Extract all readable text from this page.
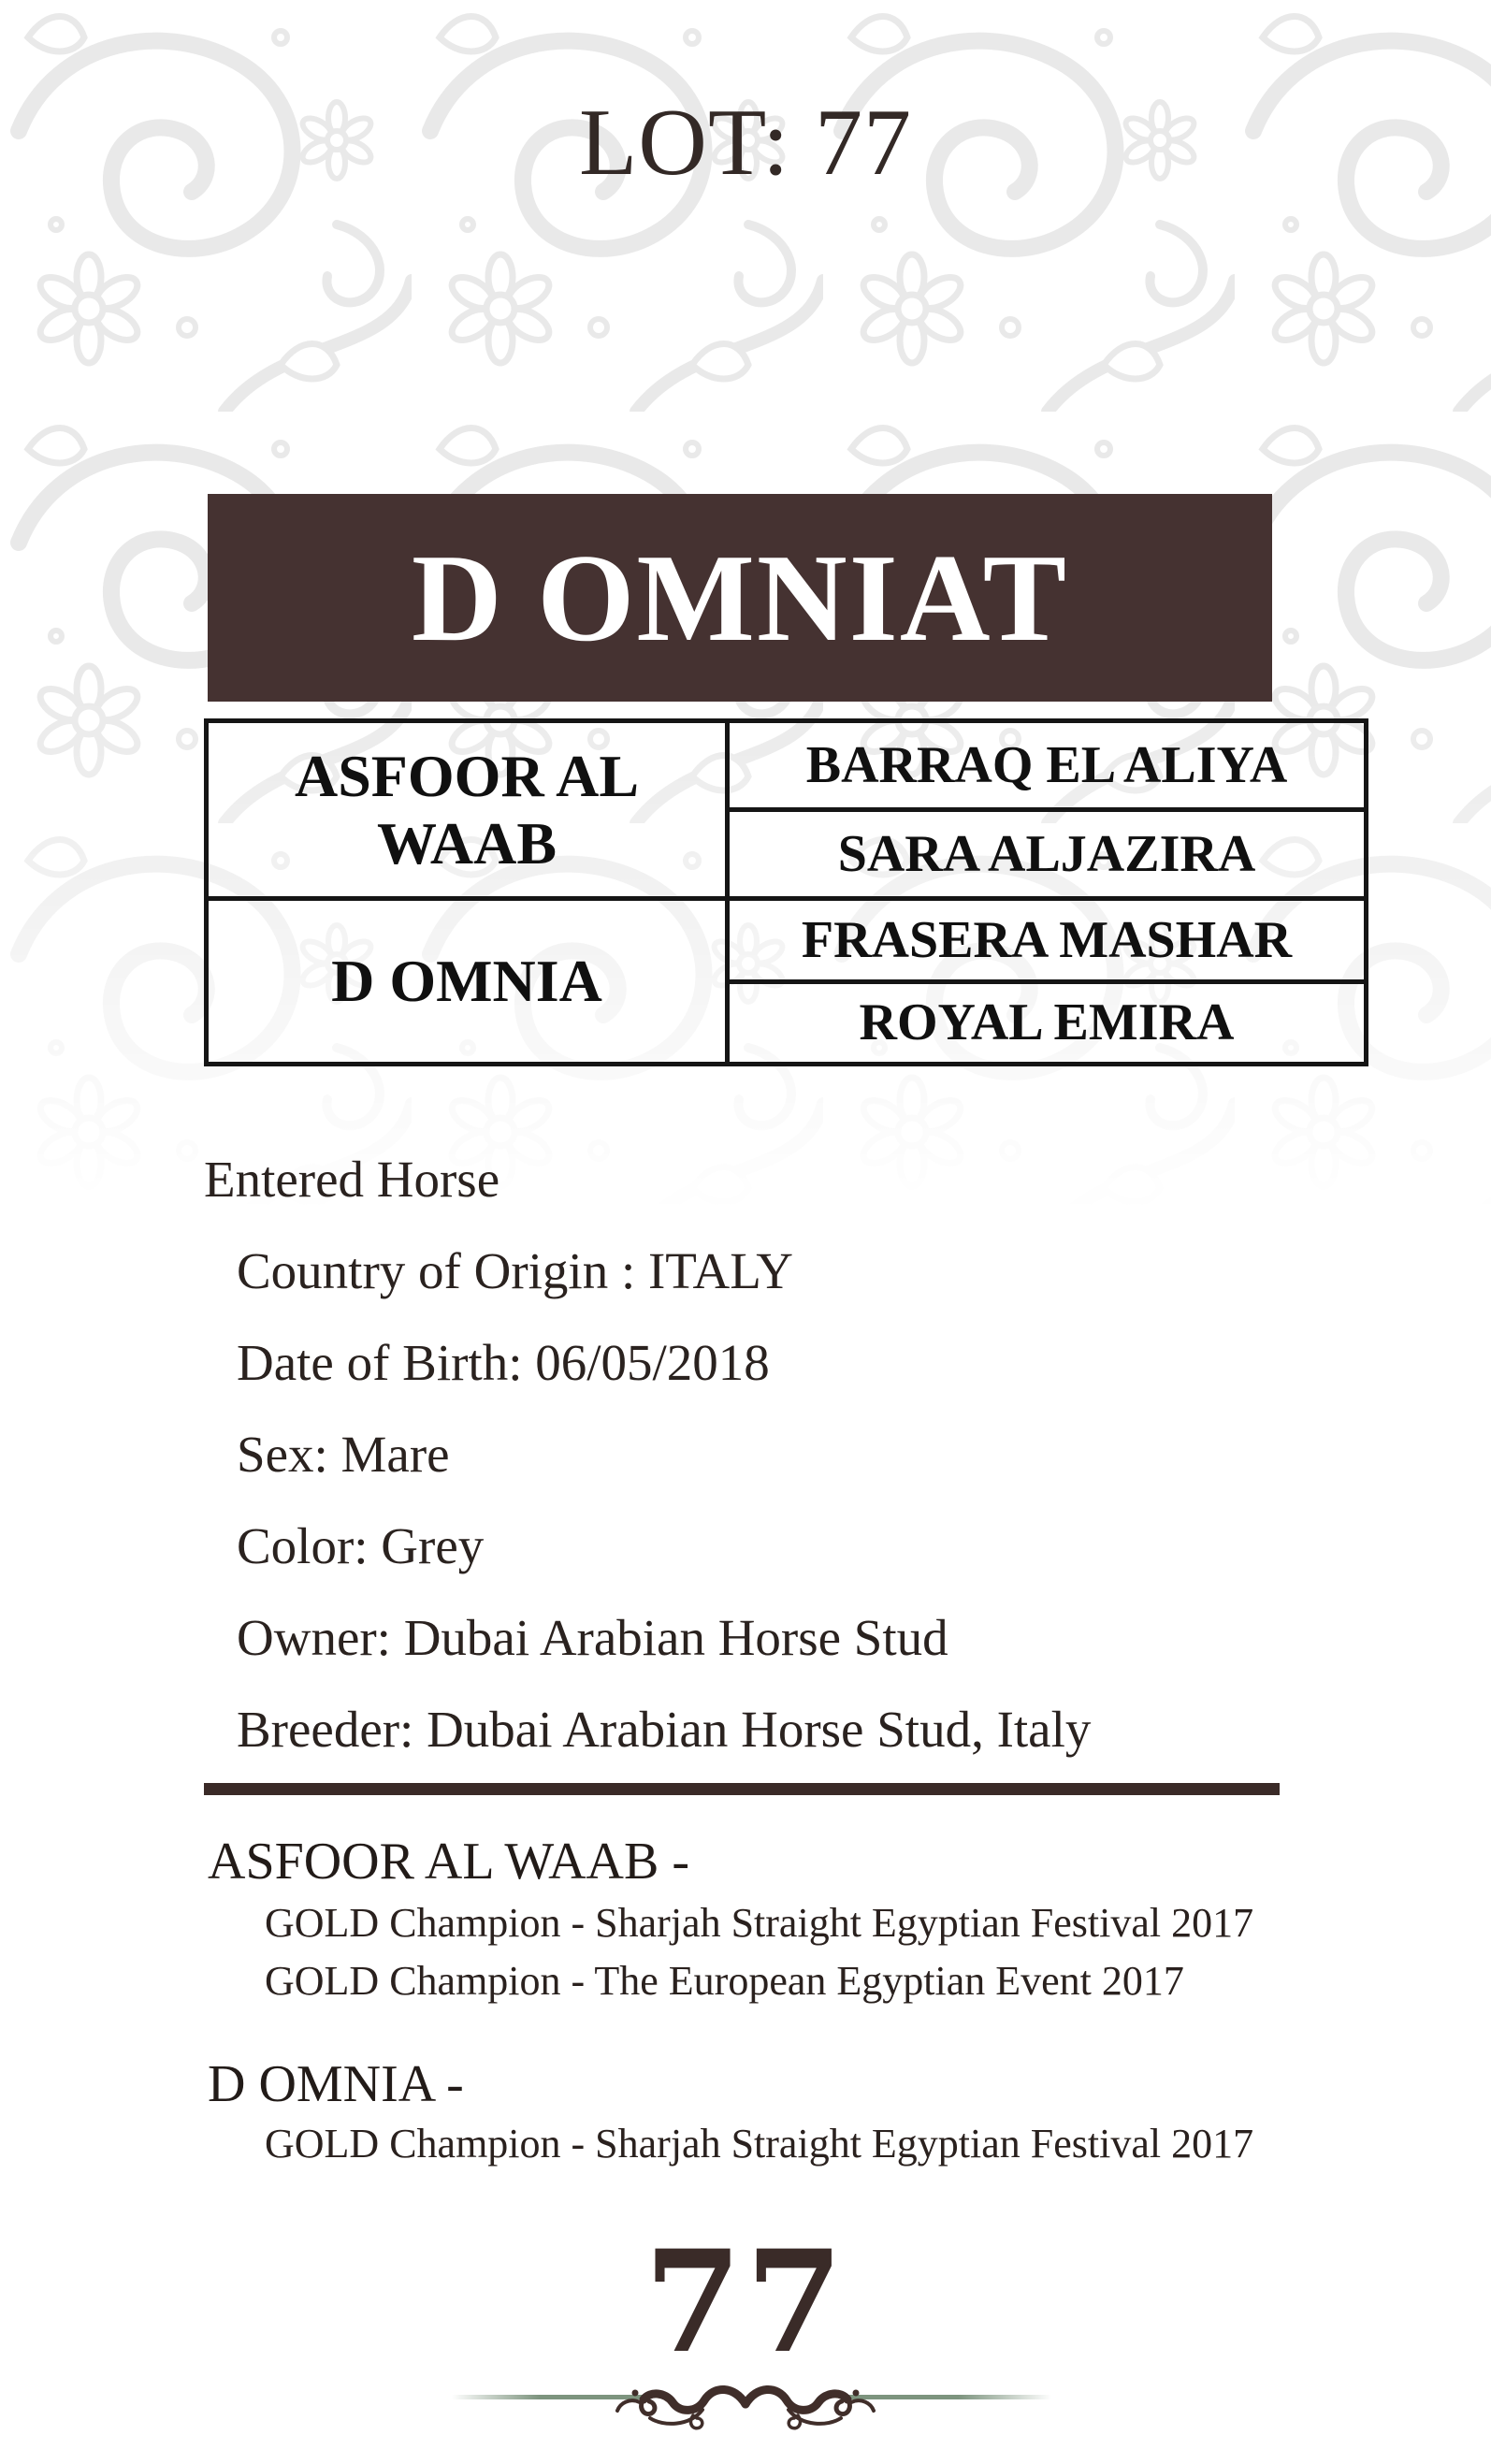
LOT: 77
D OMNIAT
ASFOOR AL WAAB	BARRAQ EL ALIYA
	SARA ALJAZIRA
D OMNIA	FRASERA MASHAR
	ROYAL EMIRA
Entered Horse
Country of Origin : ITALY
Date of Birth: 06/05/2018
Sex: Mare
Color: Grey
Owner: Dubai Arabian Horse Stud
Breeder: Dubai Arabian Horse Stud, Italy
ASFOOR AL WAAB -
GOLD Champion - Sharjah Straight Egyptian Festival 2017
GOLD Champion - The European Egyptian Event 2017
D OMNIA -
GOLD Champion - Sharjah Straight Egyptian Festival 2017
77
